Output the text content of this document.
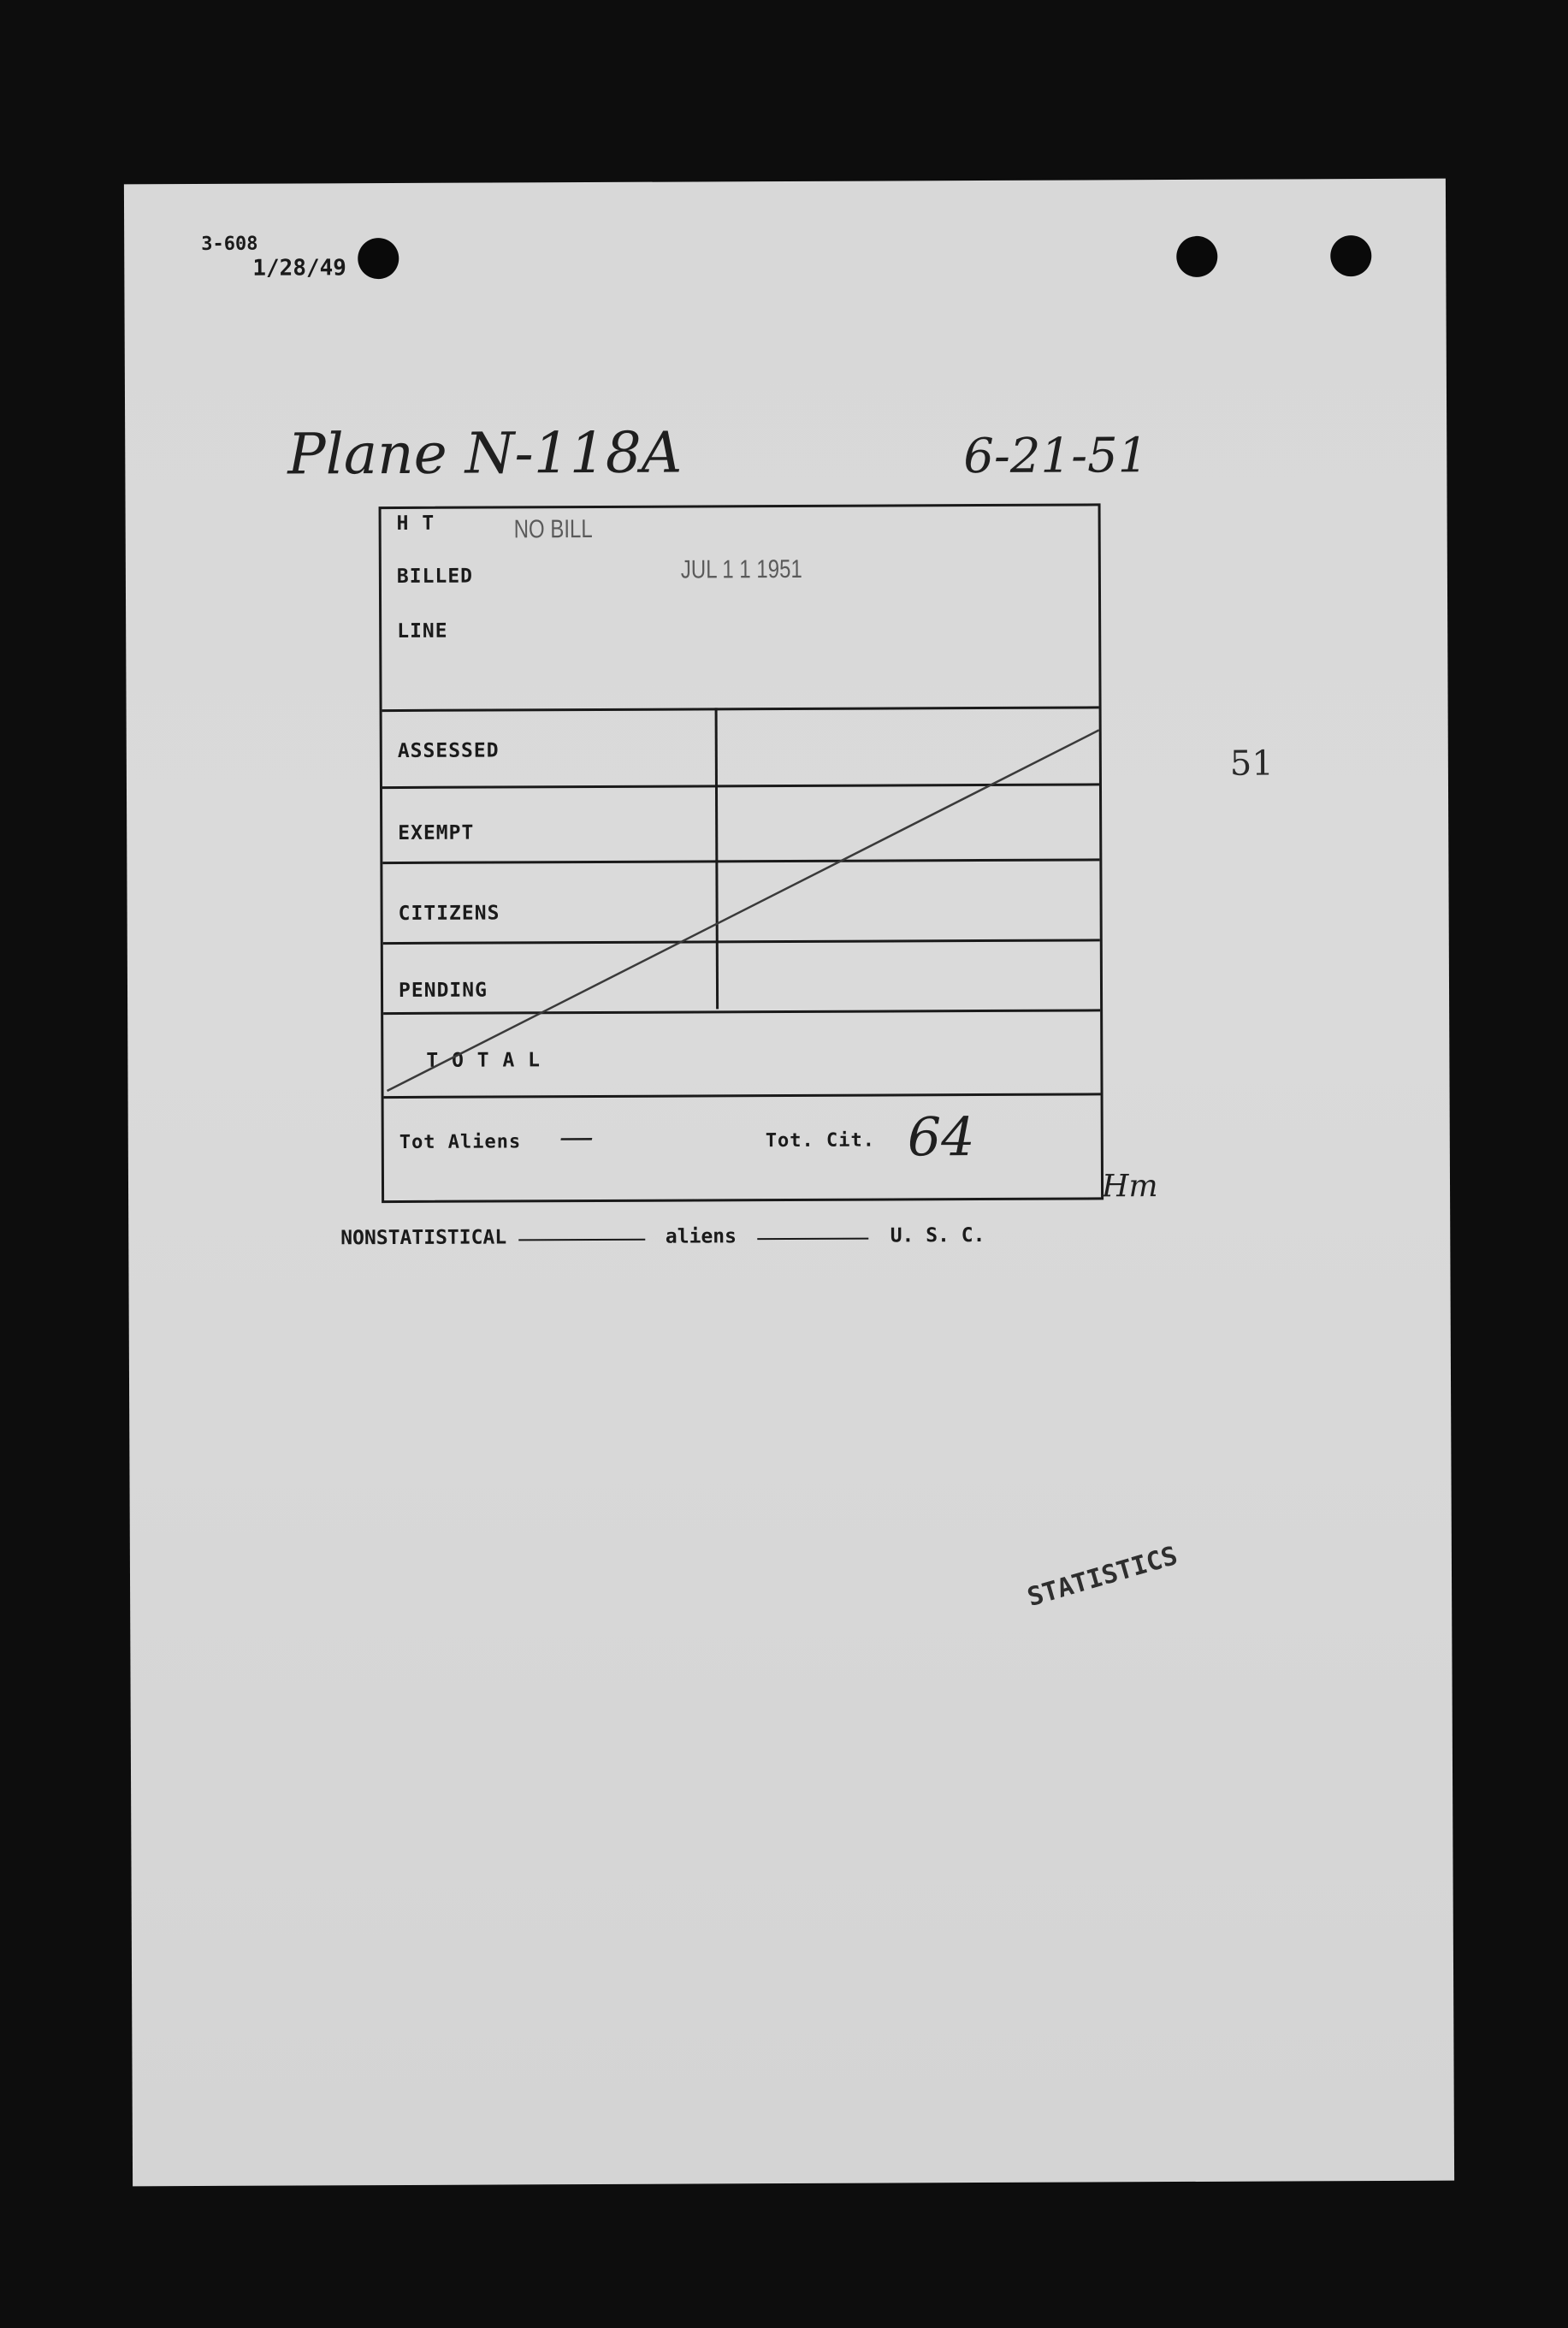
3-608
1/28/49
Plane N-118A	6-21-51
H T
BILLED
LINE
NO BILL
JUL 1 1 1951
ASSESSED
EXEMPT
CITIZENS
PENDING
T O T A L
Tot Aliens —	Tot. Cit. 64
Hm
51
NONSTATISTICAL	aliens	U. S. C.
STATISTICS
